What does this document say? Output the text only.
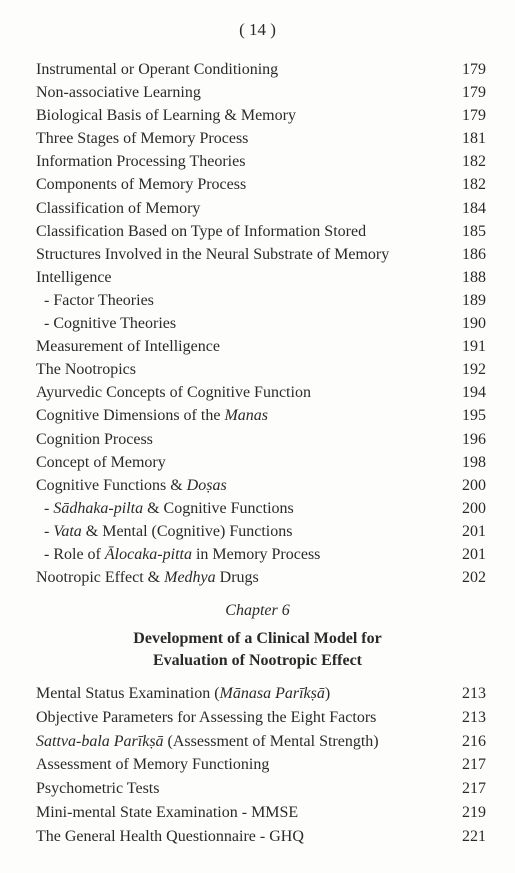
( 14 )
Instrumental or Operant Conditioning	179
Non-associative Learning	179
Biological Basis of Learning & Memory	179
Three Stages of Memory Process	181
Information Processing Theories	182
Components of Memory Process	182
Classification of Memory	184
Classification Based on Type of Information Stored	185
Structures Involved in the Neural Substrate of Memory	186
Intelligence	188
- Factor Theories	189
- Cognitive Theories	190
Measurement of Intelligence	191
The Nootropics	192
Ayurvedic Concepts of Cognitive Function	194
Cognitive Dimensions of the Manas	195
Cognition Process	196
Concept of Memory	198
Cognitive Functions & Doṣas	200
- Sādhaka-pilta & Cognitive Functions	200
- Vata & Mental (Cognitive) Functions	201
- Role of Ālocaka-pitta in Memory Process	201
Nootropic Effect & Medhya Drugs	202
Chapter 6
Development of a Clinical Model for
Evaluation of Nootropic Effect
Mental Status Examination (Mānasa Parīkṣā)	213
Objective Parameters for Assessing the Eight Factors	213
Sattva-bala Parīkṣā (Assessment of Mental Strength)	216
Assessment of Memory Functioning	217
Psychometric Tests	217
Mini-mental State Examination - MMSE	219
The General Health Questionnaire - GHQ	221
